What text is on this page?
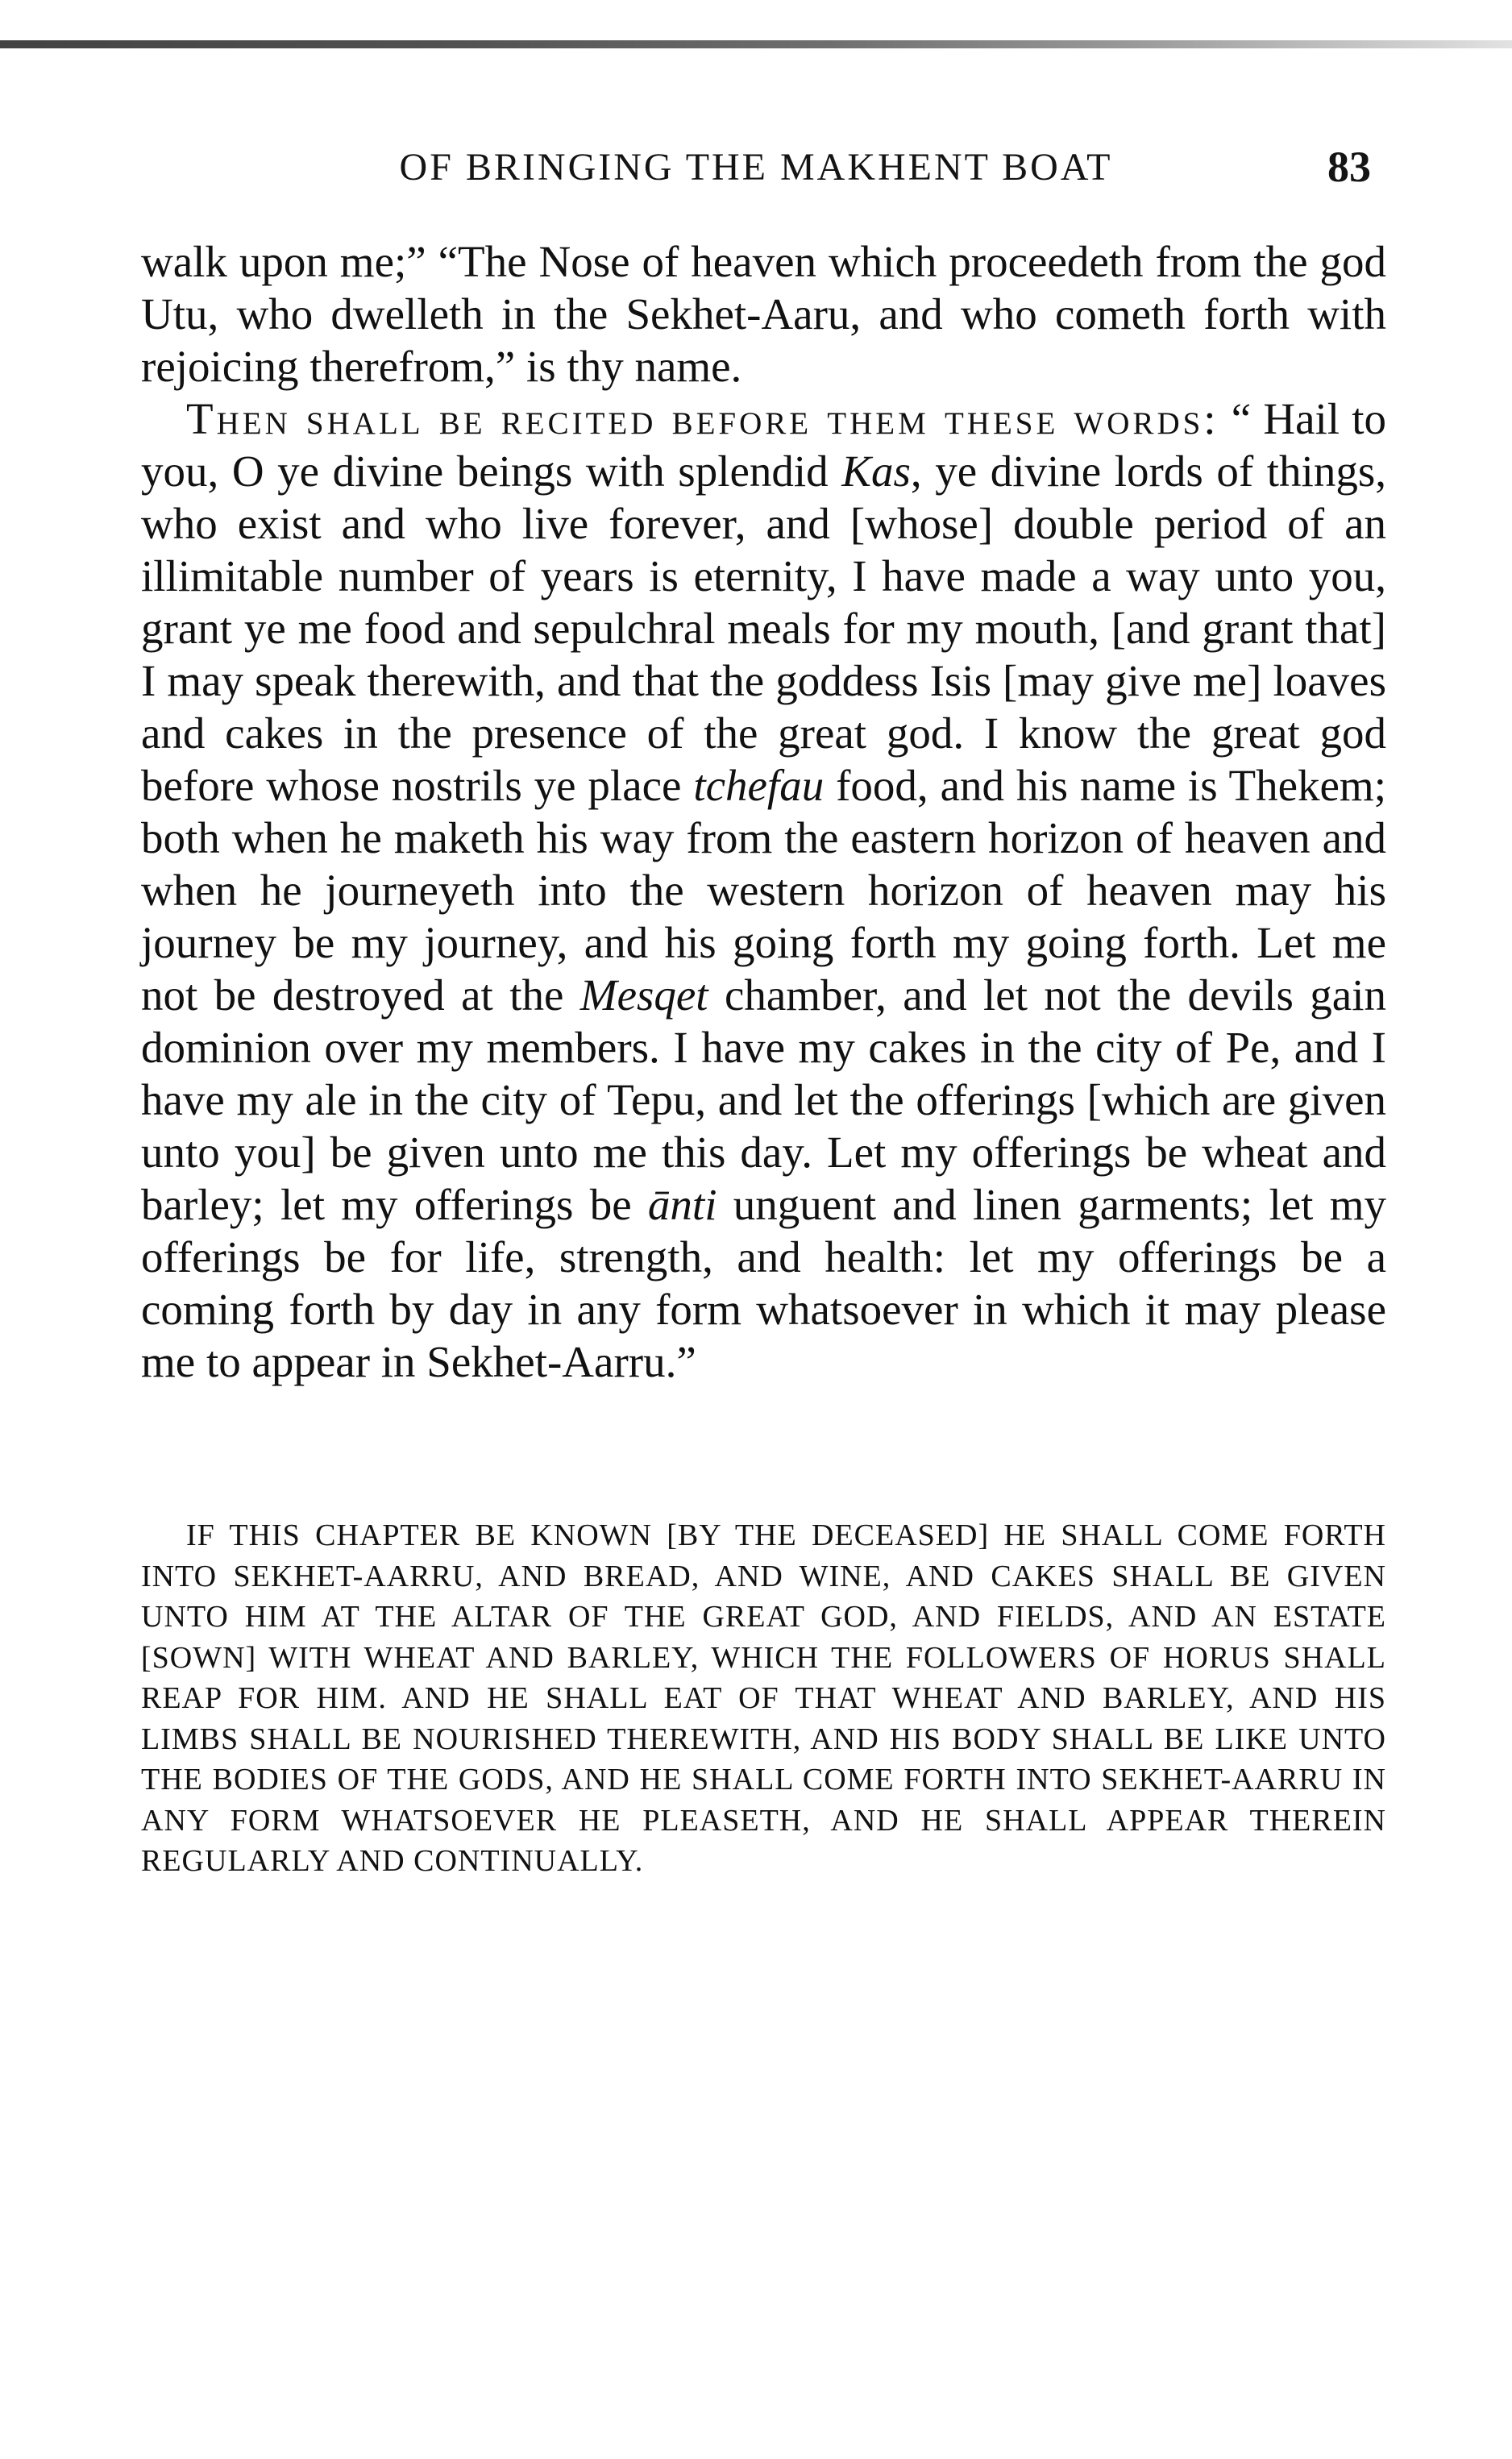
OF BRINGING THE MAKHENT BOAT	83

walk upon me;” “The Nose of heaven which proceedeth from the god Utu, who dwelleth in the Sekhet-Aaru, and who cometh forth with rejoicing therefrom,” is thy name.

Then shall be recited before them these words: “ Hail to you, O ye divine beings with splendid Kas, ye divine lords of things, who exist and who live forever, and [whose] double period of an illimitable number of years is eternity, I have made a way unto you, grant ye me food and sepulchral meals for my mouth, [and grant that] I may speak therewith, and that the goddess Isis [may give me] loaves and cakes in the presence of the great god. I know the great god before whose nostrils ye place tchefau food, and his name is Thekem; both when he maketh his way from the eastern horizon of heaven and when he journeyeth into the western horizon of heaven may his journey be my journey, and his going forth my going forth. Let me not be destroyed at the Mesqet chamber, and let not the devils gain dominion over my members. I have my cakes in the city of Pe, and I have my ale in the city of Tepu, and let the offerings [which are given unto you] be given unto me this day. Let my offerings be wheat and barley; let my offerings be ānti unguent and linen garments; let my offerings be for life, strength, and health: let my offerings be a coming forth by day in any form whatsoever in which it may please me to appear in Sekhet-Aarru.”

IF THIS CHAPTER BE KNOWN [BY THE DECEASED] HE SHALL COME FORTH INTO SEKHET-AARRU, AND BREAD, AND WINE, AND CAKES SHALL BE GIVEN UNTO HIM AT THE ALTAR OF THE GREAT GOD, AND FIELDS, AND AN ESTATE [SOWN] WITH WHEAT AND BARLEY, WHICH THE FOLLOWERS OF HORUS SHALL REAP FOR HIM. AND HE SHALL EAT OF THAT WHEAT AND BARLEY, AND HIS LIMBS SHALL BE NOURISHED THEREWITH, AND HIS BODY SHALL BE LIKE UNTO THE BODIES OF THE GODS, AND HE SHALL COME FORTH INTO SEKHET-AARRU IN ANY FORM WHATSOEVER HE PLEASETH, AND HE SHALL APPEAR THEREIN REGULARLY AND CONTINUALLY.
